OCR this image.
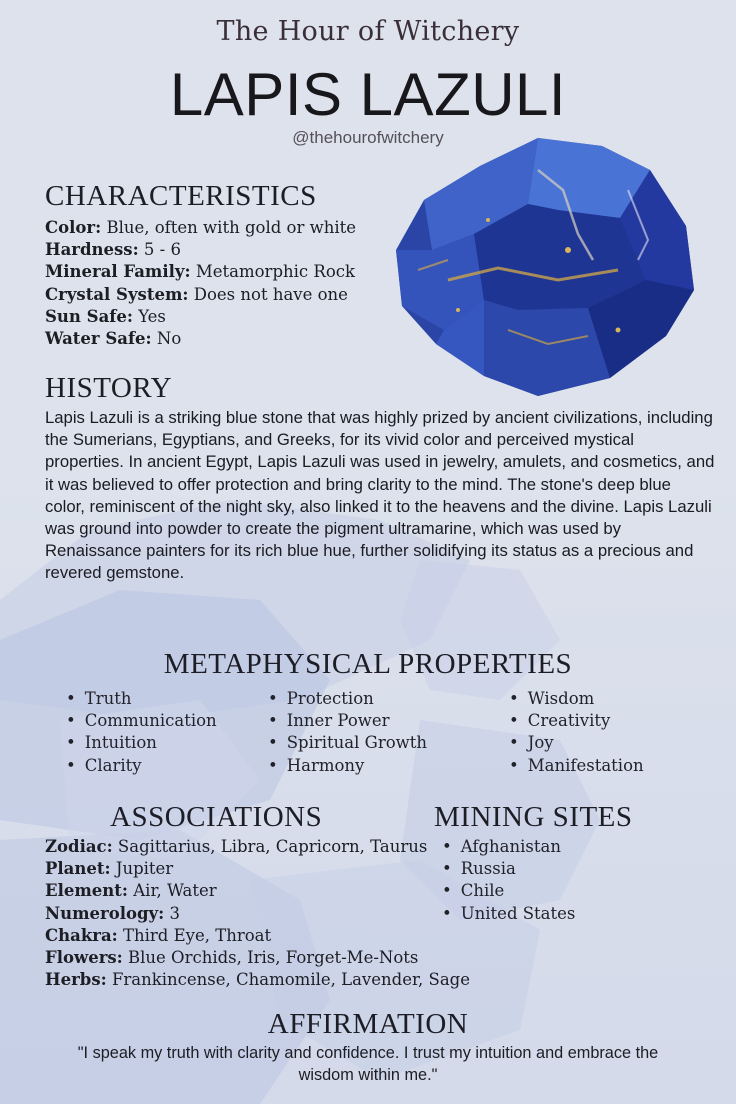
The Hour of Witchery
LAPIS LAZULI
@thehourofwitchery
CHARACTERISTICS
Color: Blue, often with gold or white
Hardness: 5 - 6
Mineral Family: Metamorphic Rock
Crystal System: Does not have one
Sun Safe: Yes
Water Safe: No
HISTORY
Lapis Lazuli is a striking blue stone that was highly prized by ancient civilizations, including the Sumerians, Egyptians, and Greeks, for its vivid color and perceived mystical properties. In ancient Egypt, Lapis Lazuli was used in jewelry, amulets, and cosmetics, and it was believed to offer protection and bring clarity to the mind. The stone's deep blue color, reminiscent of the night sky, also linked it to the heavens and the divine. Lapis Lazuli was ground into powder to create the pigment ultramarine, which was used by Renaissance painters for its rich blue hue, further solidifying its status as a precious and revered gemstone.
METAPHYSICAL PROPERTIES
• Truth
• Communication
• Intuition
• Clarity
• Protection
• Inner Power
• Spiritual Growth
• Harmony
• Wisdom
• Creativity
• Joy
• Manifestation
ASSOCIATIONS
Zodiac: Sagittarius, Libra, Capricorn, Taurus
Planet: Jupiter
Element: Air, Water
Numerology: 3
Chakra: Third Eye, Throat
Flowers: Blue Orchids, Iris, Forget-Me-Nots
Herbs: Frankincense, Chamomile, Lavender, Sage
MINING SITES
• Afghanistan
• Russia
• Chile
• United States
AFFIRMATION
"I speak my truth with clarity and confidence. I trust my intuition and embrace the wisdom within me."
